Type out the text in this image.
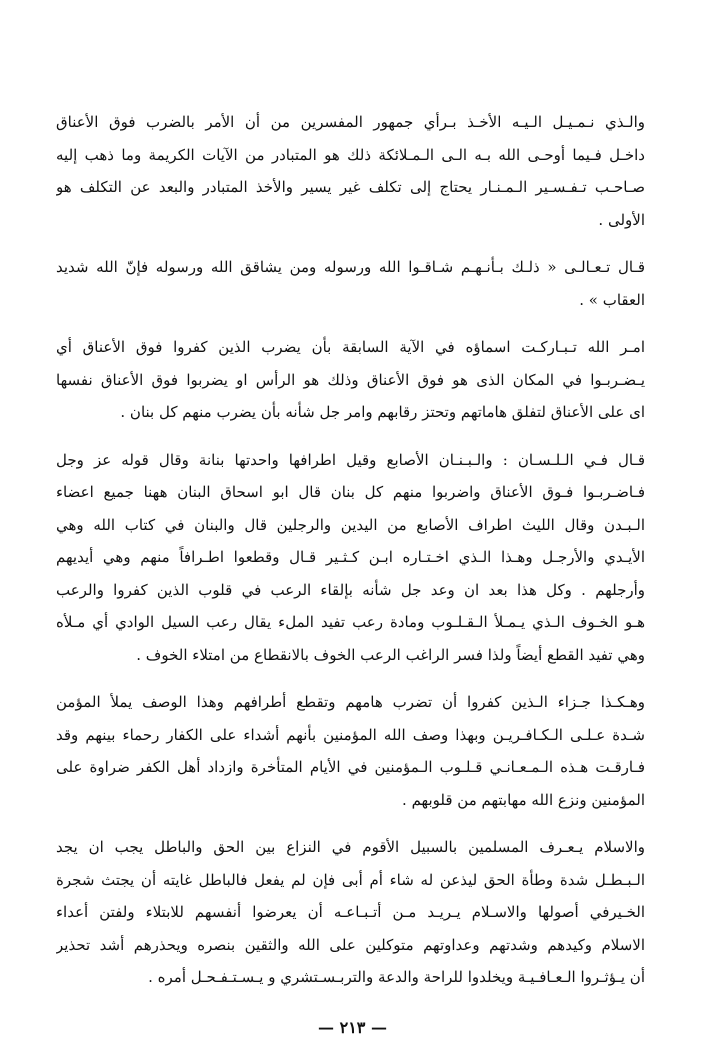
والـذي نـمـيـل الـيـه الأخـذ بـرأي جمهور المفسرين من أن الأمر بالضرب فوق الأعناق
داخـل فـيما أوحـى الله بـه الـى الـمـلائكة ذلك هو المتبادر من الآيات الكريمة وما ذهب إليه
صـاحـب تـفـسـير الـمـنـار يحتاج إلى تكلف غير يسير والأخذ المتبادر والبعد عن التكلف هو
الأولى .
قـال تـعـالـى « ذلـك بـأنـهـم شـاقـوا الله ورسوله ومن يشاقق الله ورسوله فإنّ الله شديد
العقاب » .
امـر الله تـبـاركـت اسماؤه في الآية السابقة بأن يضرب الذين كفروا فوق الأعناق أي
يـضـربـوا في المكان الذى هو فوق الأعناق وذلك هو الرأس او يضربوا فوق الأعناق نفسها
اى على الأعناق لتفلق هاماتهم وتحتز رقابهم وامر جل شأنه بأن يضرب منهم كل بنان .
قـال فـي الـلـسـان : والـبـنـان الأصابع وقيل اطرافها واحدتها بنانة وقال قوله عز وجل
فـاضـربـوا فـوق الأعناق واضربوا منهم كل بنان قال ابو اسحاق البنان ههنا جميع اعضاء
الـبـدن وقال الليث اطراف الأصابع من اليدين والرجلين قال والبنان في كتاب الله وهي
الأيـدي والأرجـل وهـذا الـذي اخـتـاره ابـن كـثـير قـال وقطعوا اطـرافاً منهم وهي أيديهم
وأرجلهم . وكل هذا بعد ان وعد جل شأنه بإلقاء الرعب في قلوب الذين كفروا والرعب
هـو الخـوف الـذي يـمـلأ الـقـلـوب ومادة رعب تفيد الملء يقال رعب السيل الوادي أي مـلأه
وهي تفيد القطع أيضاً ولذا فسر الراغب الرعب الخوف بالانقطاع من امتلاء الخوف .
وهـكـذا جـزاء الـذين كفروا أن تضرب هامهم وتقطع أطرافهم وهذا الوصف يملأ المؤمن
شـدة عـلـى الـكـافـريـن وبهذا وصف الله المؤمنين بأنهم أشداء على الكفار رحماء بينهم وقد
فـارقـت هـذه الـمـعـانـي قـلـوب الـمؤمنين في الأيام المتأخرة وازداد أهل الكفر ضراوة على
المؤمنين ونزع الله مهابتهم من قلوبهم .
والاسلام يـعـرف المسلمين بالسبيل الأقوم في النزاع بين الحق والباطل يجب ان يجد
الـبـطـل شدة وطأة الحق ليذعن له شاء أم أبى فإن لم يفعل فالباطل غايته أن يجتث شجرة
الخـيرفي أصولها والاسـلام يـريـد مـن أتـبـاعـه أن يعرضوا أنفسهم للابتلاء ولفتن أعداء
الاسلام وكيدهم وشدتهم وعداوتهم متوكلين على الله والثقين بنصره ويحذرهم أشد تحذير
أن يـؤثـروا الـعـافـيـة ويخلدوا للراحة والدعة والتربـسـتشري و يـسـتـفـحـل أمره .
— ٢١٣ —
